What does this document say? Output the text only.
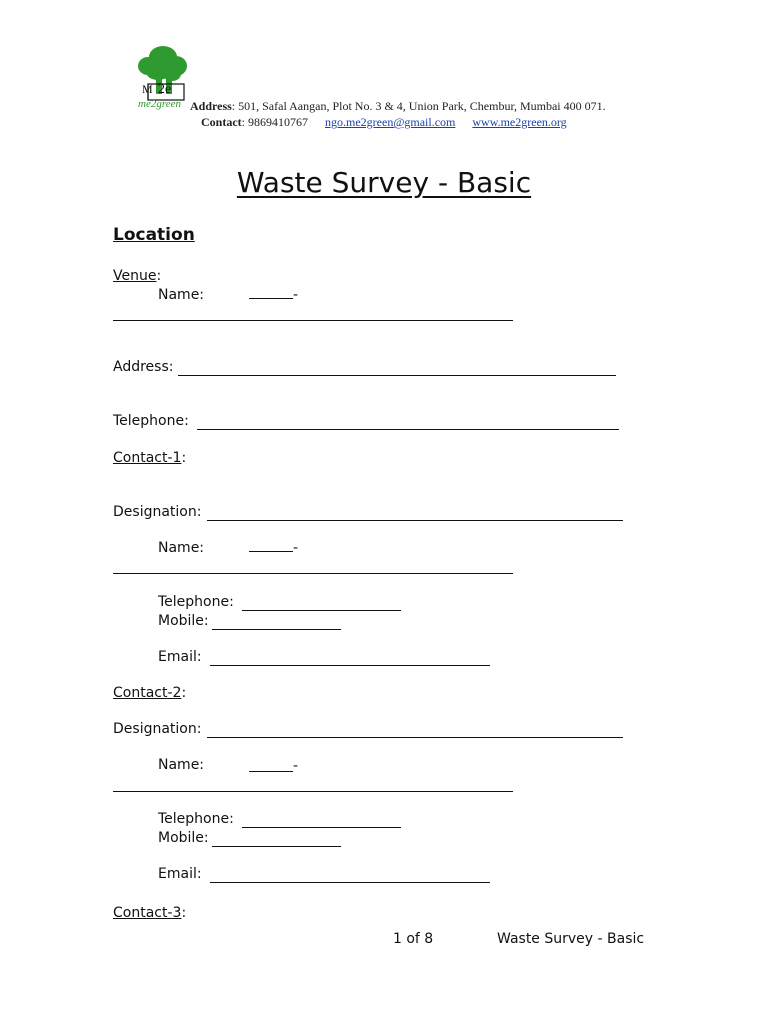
M 2e
me2green Address: 501, Safal Aangan, Plot No. 3 & 4, Union Park, Chembur, Mumbai 400 071.
Contact: 9869410767 ngo.me2green@gmail.com www.me2green.org
Waste Survey - Basic
Location
Venue:
Name:	-
Address:
Telephone:
Contact-1:
Designation:
Name:	-
Telephone:
Mobile:
Email:
Contact-2:
Designation:
Name:	-
Telephone:
Mobile:
Email:
Contact-3:
1 of 8	Waste Survey - Basic
